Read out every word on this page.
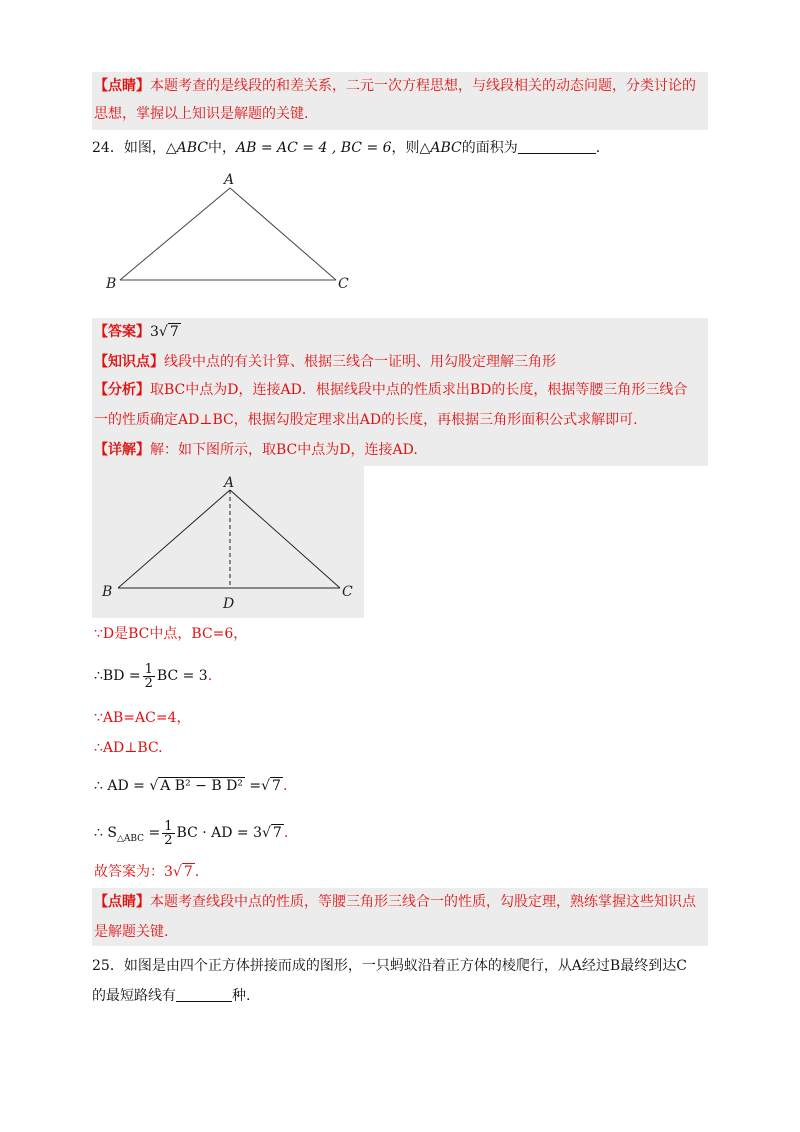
【点睛】本题考查的是线段的和差关系，二元一次方程思想，与线段相关的动态问题，分类讨论的
思想，掌握以上知识是解题的关键.
24．如图，△ABC中，AB = AC = 4 , BC = 6，则△ABC的面积为	.
A
B	C
【答案】3√ 7
【知识点】线段中点的有关计算、根据三线合一证明、用勾股定理解三角形
【分析】取BC中点为D，连接AD．根据线段中点的性质求出BD的长度，根据等腰三角形三线合
一的性质确定AD⊥BC，根据勾股定理求出AD的长度，再根据三角形面积公式求解即可.
【详解】解：如下图所示，取BC中点为D，连接AD.
A
B	C
D
∵D是BC中点，BC=6，
∴BD = $\frac{1}{2}$ BC = 3.
∵AB=AC=4，
∴AD⊥BC.
∴ AD = √ A B² − B D² =√ 7 .
∴ $S_{\triangle ABC} = \frac{1}{2}$ BC · AD = 3√ 7 .
故答案为：3√ 7 .
【点睛】本题考查线段中点的性质，等腰三角形三线合一的性质，勾股定理，熟练掌握这些知识点
是解题关键.
25．如图是由四个正方体拼接而成的图形，一只蚂蚁沿着正方体的棱爬行，从A经过B最终到达C
的最短路线有	种.
